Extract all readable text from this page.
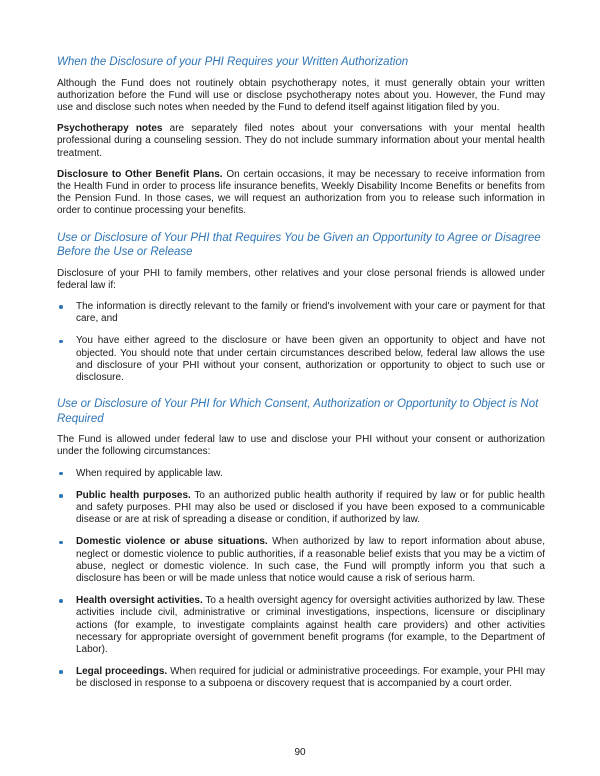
When the Disclosure of your PHI Requires your Written Authorization

Although the Fund does not routinely obtain psychotherapy notes, it must generally obtain your written authorization before the Fund will use or disclose psychotherapy notes about you. However, the Fund may use and disclose such notes when needed by the Fund to defend itself against litigation filed by you.

Psychotherapy notes are separately filed notes about your conversations with your mental health professional during a counseling session. They do not include summary information about your mental health treatment.

Disclosure to Other Benefit Plans. On certain occasions, it may be necessary to receive information from the Health Fund in order to process life insurance benefits, Weekly Disability Income Benefits or benefits from the Pension Fund. In those cases, we will request an authorization from you to release such information in order to continue processing your benefits.

Use or Disclosure of Your PHI that Requires You be Given an Opportunity to Agree or Disagree Before the Use or Release

Disclosure of your PHI to family members, other relatives and your close personal friends is allowed under federal law if:

The information is directly relevant to the family or friend's involvement with your care or payment for that care, and
You have either agreed to the disclosure or have been given an opportunity to object and have not objected. You should note that under certain circumstances described below, federal law allows the use and disclosure of your PHI without your consent, authorization or opportunity to object to such use or disclosure.
Use or Disclosure of Your PHI for Which Consent, Authorization or Opportunity to Object is Not Required

The Fund is allowed under federal law to use and disclose your PHI without your consent or authorization under the following circumstances:

When required by applicable law.
Public health purposes. To an authorized public health authority if required by law or for public health and safety purposes. PHI may also be used or disclosed if you have been exposed to a communicable disease or are at risk of spreading a disease or condition, if authorized by law.
Domestic violence or abuse situations. When authorized by law to report information about abuse, neglect or domestic violence to public authorities, if a reasonable belief exists that you may be a victim of abuse, neglect or domestic violence. In such case, the Fund will promptly inform you that such a disclosure has been or will be made unless that notice would cause a risk of serious harm.
Health oversight activities. To a health oversight agency for oversight activities authorized by law. These activities include civil, administrative or criminal investigations, inspections, licensure or disciplinary actions (for example, to investigate complaints against health care providers) and other activities necessary for appropriate oversight of government benefit programs (for example, to the Department of Labor).
Legal proceedings. When required for judicial or administrative proceedings. For example, your PHI may be disclosed in response to a subpoena or discovery request that is accompanied by a court order.
90
